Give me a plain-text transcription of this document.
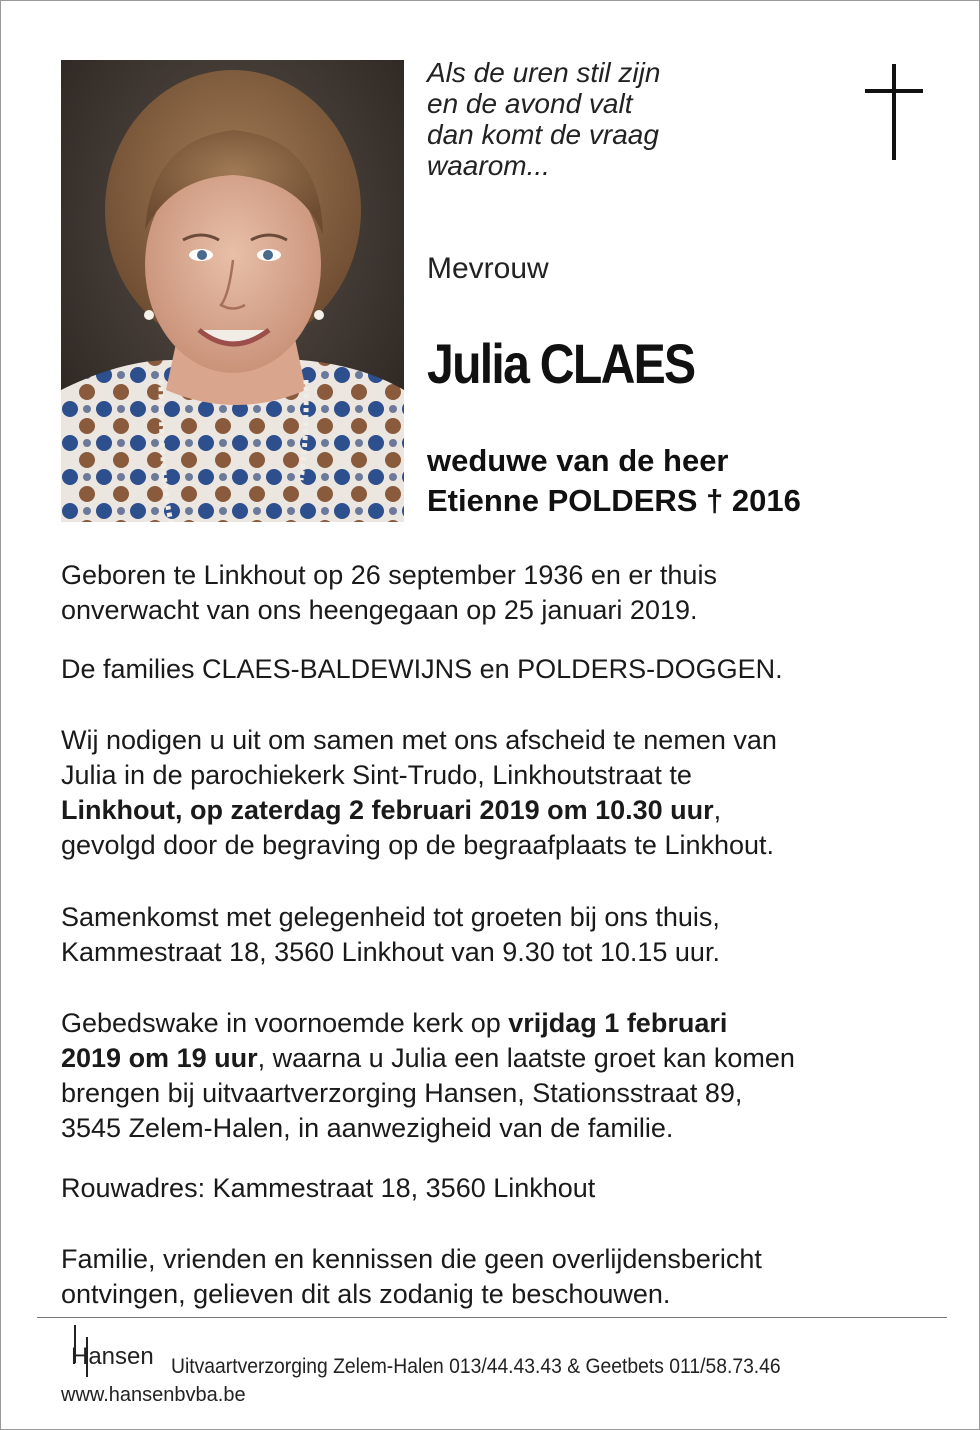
Als de uren stil zijn
en de avond valt
dan komt de vraag
waarom...
Mevrouw
Julia CLAES
weduwe van de heer
Etienne POLDERS † 2016
Geboren te Linkhout op 26 september 1936 en er thuis
onverwacht van ons heengegaan op 25 januari 2019.
De families CLAES-BALDEWIJNS en POLDERS-DOGGEN.
Wij nodigen u uit om samen met ons afscheid te nemen van
Julia in de parochiekerk Sint-Trudo, Linkhoutstraat te
Linkhout, op zaterdag 2 februari 2019 om 10.30 uur,
gevolgd door de begraving op de begraafplaats te Linkhout.
Samenkomst met gelegenheid tot groeten bij ons thuis,
Kammestraat 18, 3560 Linkhout van 9.30 tot 10.15 uur.
Gebedswake in voornoemde kerk op vrijdag 1 februari
2019 om 19 uur, waarna u Julia een laatste groet kan komen
brengen bij uitvaartverzorging Hansen, Stationsstraat 89,
3545 Zelem-Halen, in aanwezigheid van de familie.
Rouwadres: Kammestraat 18, 3560 Linkhout
Familie, vrienden en kennissen die geen overlijdensbericht
ontvingen, gelieven dit als zodanig te beschouwen.
Hansen Uitvaartverzorging Zelem-Halen 013/44.43.43 & Geetbets 011/58.73.46
www.hansenbvba.be
